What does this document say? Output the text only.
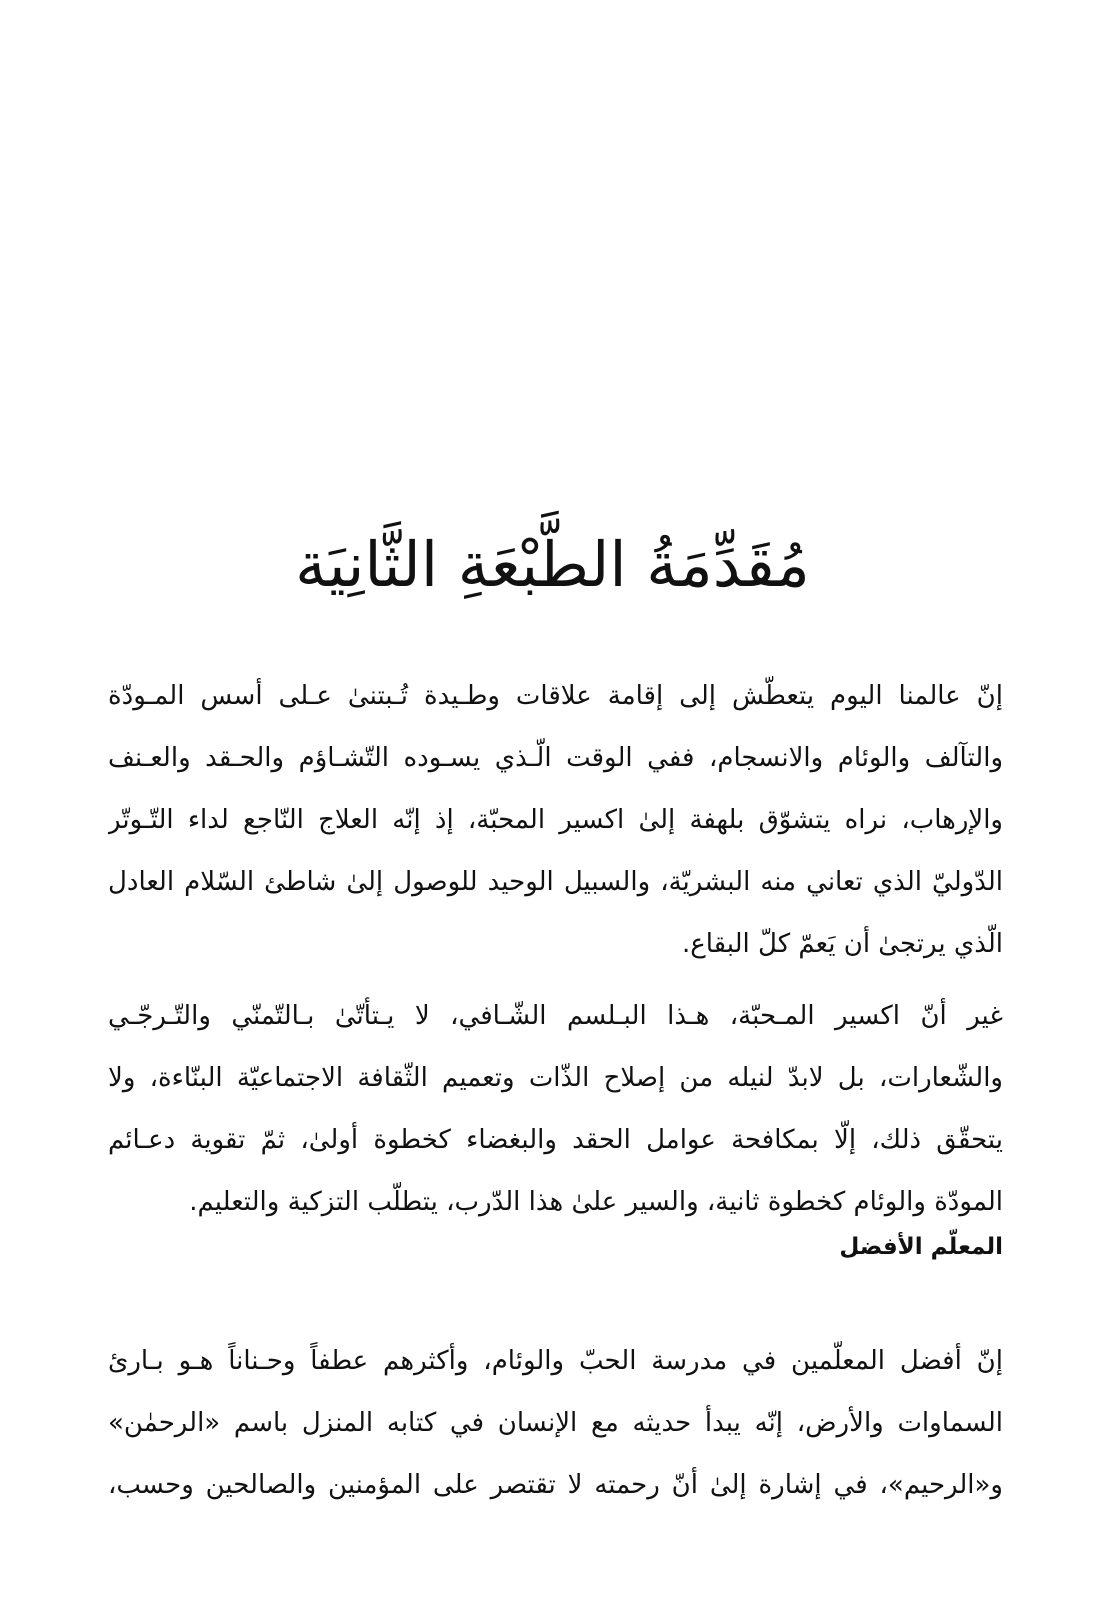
مُقَدِّمَةُ الطَّبْعَةِ الثَّانِيَة
إنّ عالمنا اليوم يتعطّش إلى إقامة علاقات وطـيدة تُـبتنىٰ عـلى أسس المـودّة
والتآلف والوئام والانسجام، ففي الوقت الّـذي يسـوده التّشـاؤم والحـقد والعـنف
والإرهاب، نراه يتشوّق بلهفة إلىٰ اكسير المحبّة، إذ إنّه العلاج النّاجع لداء التّـوتّر
الدّوليّ الذي تعاني منه البشريّة، والسبيل الوحيد للوصول إلىٰ شاطئ السّلام العادل
الّذي يرتجىٰ أن يَعمّ كلّ البقاع.
غير أنّ اكسير المـحبّة، هـذا البـلسم الشّـافي، لا يـتأتّىٰ بـالتّمنّي والتّـرجّـي
والشّعارات، بل لابدّ لنيله من إصلاح الذّات وتعميم الثّقافة الاجتماعيّة البنّاءة، ولا
يتحقّق ذلك، إلّا بمكافحة عوامل الحقد والبغضاء كخطوة أولىٰ، ثمّ تقوية دعـائم
المودّة والوئام كخطوة ثانية، والسير علىٰ هذا الدّرب، يتطلّب التزكية والتعليم.
المعلّم الأفضل
إنّ أفضل المعلّمين في مدرسة الحبّ والوئام، وأكثرهم عطفاً وحـناناً هـو بـارئ
السماوات والأرض، إنّه يبدأ حديثه مع الإنسان في كتابه المنزل باسم «الرحمٰن»
و«الرحيم»، في إشارة إلىٰ أنّ رحمته لا تقتصر على المؤمنين والصالحين وحسب،
